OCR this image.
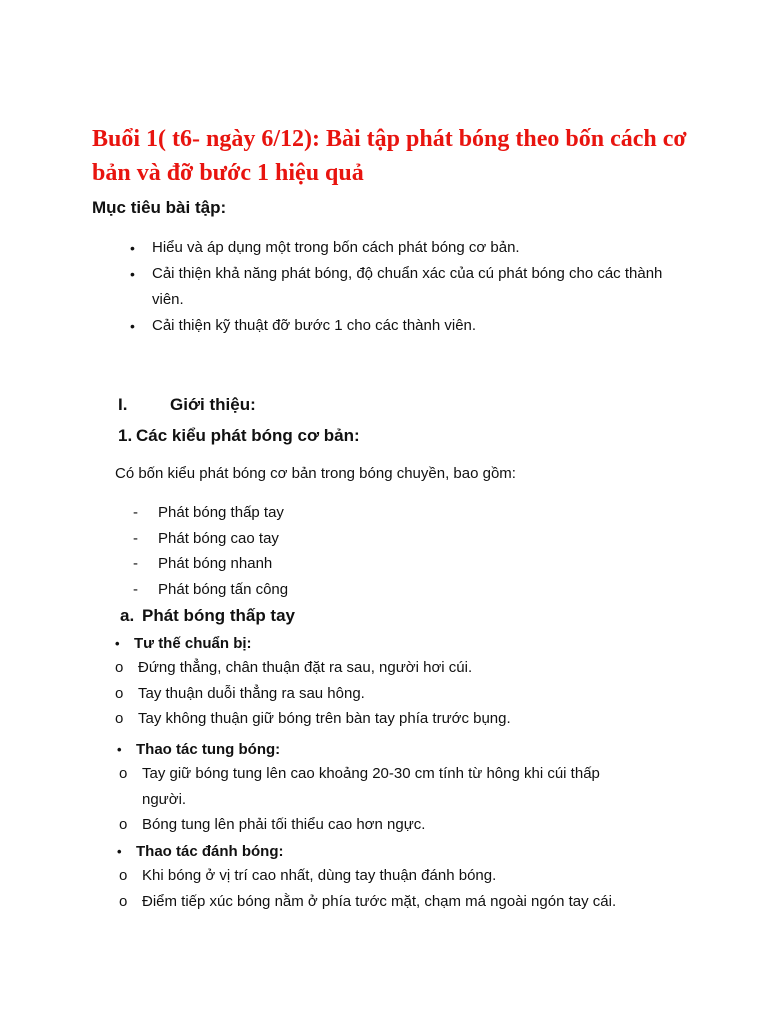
Buổi 1( t6- ngày 6/12): Bài tập phát bóng theo bốn cách cơ bản và đỡ bước 1 hiệu quả

Mục tiêu bài tập:

• Hiểu và áp dụng một trong bốn cách phát bóng cơ bản.
• Cải thiện khả năng phát bóng, độ chuẩn xác của cú phát bóng cho các thành viên.
• Cải thiện kỹ thuật đỡ bước 1 cho các thành viên.
I.	Giới thiệu:
1. Các kiểu phát bóng cơ bản:

Có bốn kiểu phát bóng cơ bản trong bóng chuyền, bao gồm:

- Phát bóng thấp tay
- Phát bóng cao tay
- Phát bóng nhanh
- Phát bóng tấn công
a. Phát bóng thấp tay
• Tư thế chuẩn bị:
o Đứng thẳng, chân thuận đặt ra sau, người hơi cúi.
o Tay thuận duỗi thẳng ra sau hông.
o Tay không thuận giữ bóng trên bàn tay phía trước bụng.
• Thao tác tung bóng:
o Tay giữ bóng tung lên cao khoảng 20-30 cm tính từ hông khi cúi thấp người.
o Bóng tung lên phải tối thiểu cao hơn ngực.
• Thao tác đánh bóng:
o Khi bóng ở vị trí cao nhất, dùng tay thuận đánh bóng.
o Điểm tiếp xúc bóng nằm ở phía tước mặt, chạm má ngoài ngón tay cái.
